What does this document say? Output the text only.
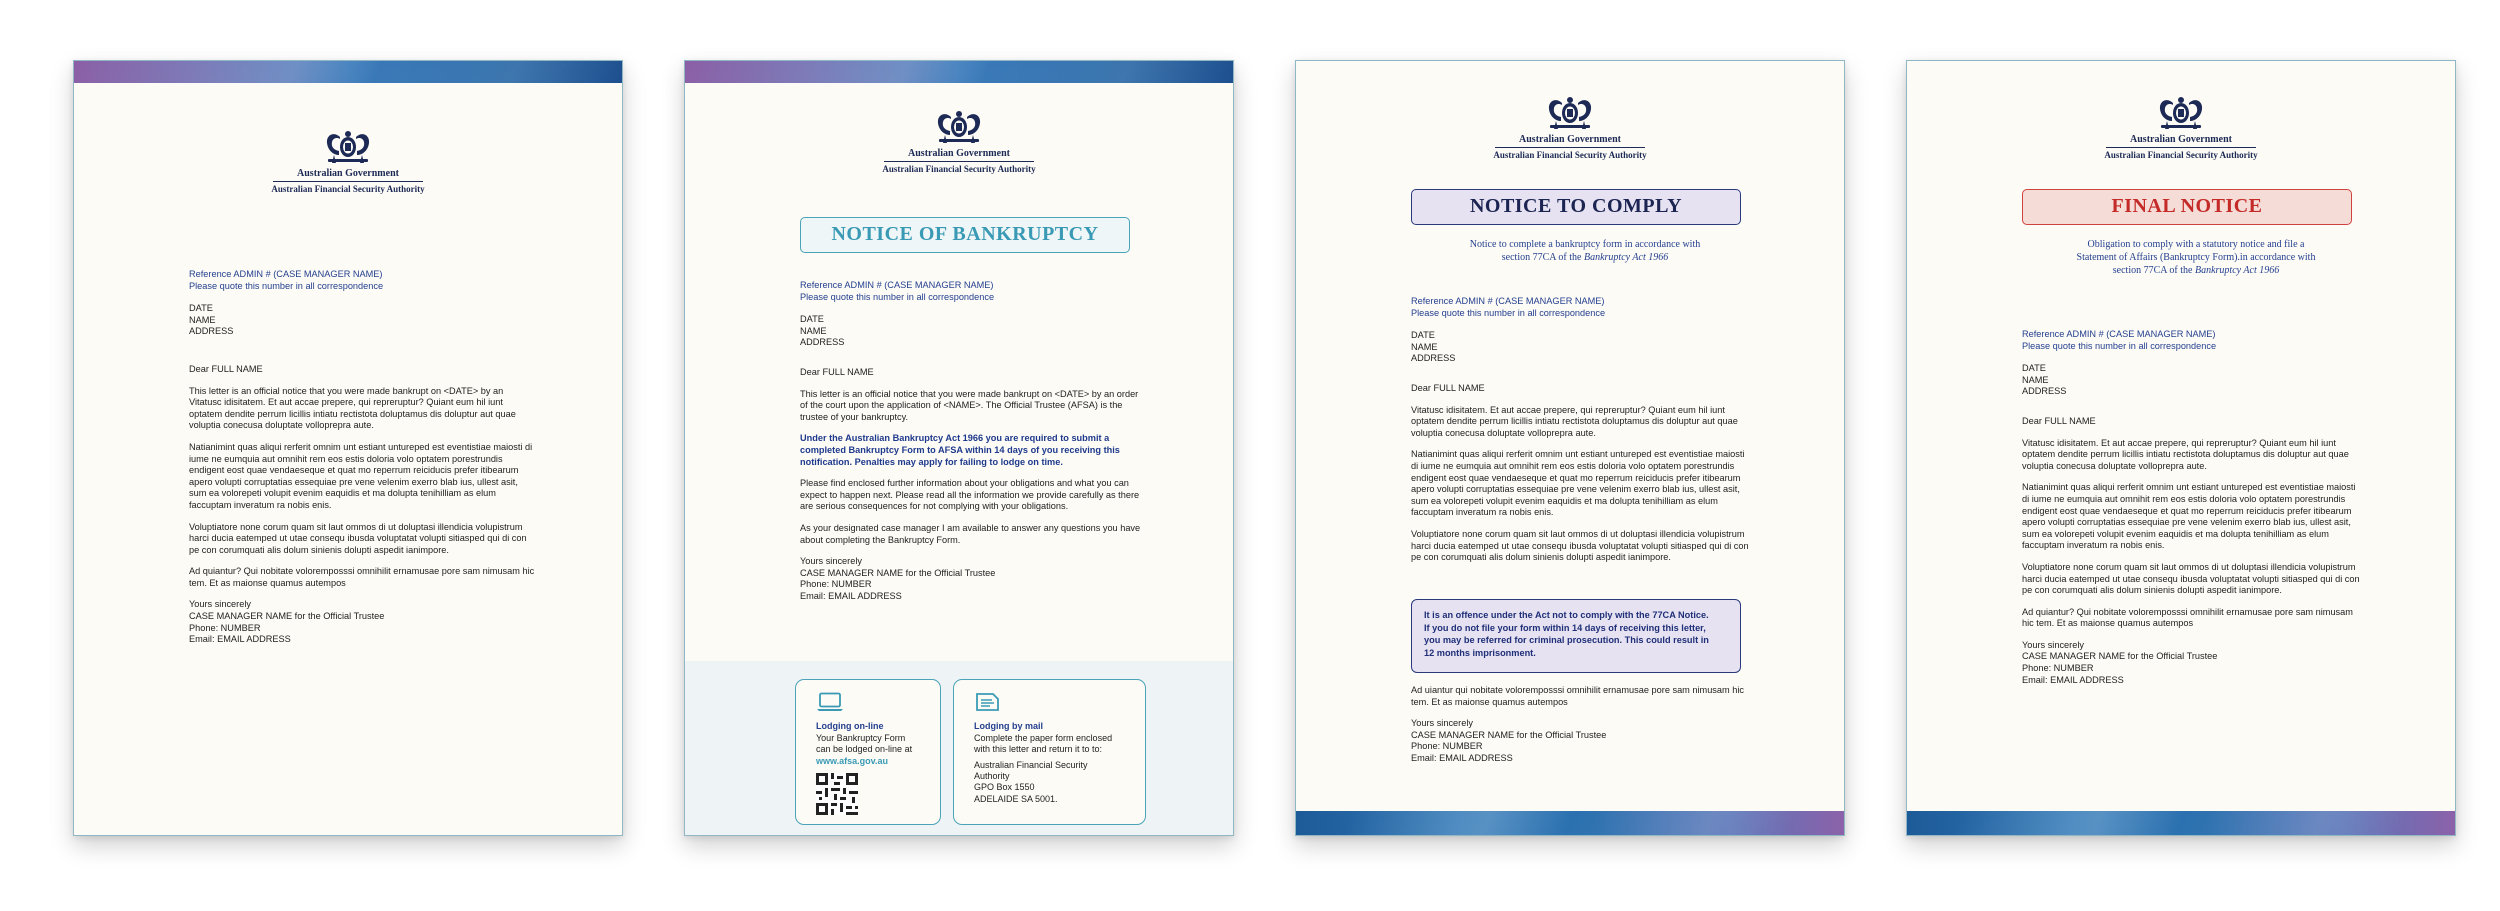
Australian Government
Australian Financial Security Authority
Reference ADMIN # (CASE MANAGER NAME)
Please quote this number in all correspondence
DATE
NAME
ADDRESS
Dear FULL NAME
This letter is an official notice that you were made bankrupt on <DATE> by an Vitatusc idisitatem. Et aut accae prepere, qui repreruptur? Quiant eum hil iunt optatem dendite perrum licillis intiatu rectistota doluptamus dis doluptur aut quae voluptia conecusa doluptate volloprepra aute.
Natianimint quas aliqui rerferit omnim unt estiant untureped est eventistiae maiosti di iume ne eumquia aut omnihit rem eos estis doloria volo optatem porestrundis endigent eost quae vendaeseque et quat mo reperrum reiciducis prefer itibearum apero volupti corruptatias essequiae pre vene velenim exerro blab ius, ullest asit, sum ea volorepeti volupit evenim eaquidis et ma dolupta tenihilliam as elum faccuptam inveratum ra nobis enis.
Voluptiatore none corum quam sit laut ommos di ut doluptasi illendicia volupistrum harci ducia eatemped ut utae consequ ibusda voluptatat volupti sitiasped qui di con pe con corumquati alis dolum sinienis dolupti aspedit ianimpore.
Ad quiantur? Qui nobitate voloremposssi omnihilit ernamusae pore sam nimusam hic tem. Et as maionse quamus autempos
Yours sincerely
CASE MANAGER NAME for the Official Trustee
Phone: NUMBER
Email: EMAIL ADDRESS
Australian Government
Australian Financial Security Authority
NOTICE OF BANKRUPTCY
Reference ADMIN # (CASE MANAGER NAME)
Please quote this number in all correspondence
DATE
NAME
ADDRESS
Dear FULL NAME
This letter is an official notice that you were made bankrupt on <DATE> by an order of the court upon the application of <NAME>. The Official Trustee (AFSA) is the trustee of your bankruptcy.
Under the Australian Bankruptcy Act 1966 you are required to submit a completed Bankruptcy Form to AFSA within 14 days of you receiving this notification. Penalties may apply for failing to lodge on time.
Please find enclosed further information about your obligations and what you can expect to happen next. Please read all the information we provide carefully as there are serious consequences for not complying with your obligations.
As your designated case manager I am available to answer any questions you have about completing the Bankruptcy Form.
Yours sincerely
CASE MANAGER NAME for the Official Trustee
Phone: NUMBER
Email: EMAIL ADDRESS
Lodging on-line
Your Bankruptcy Form can be lodged on-line at
www.afsa.gov.au
Lodging by mail
Complete the paper form enclosed with this letter and return it to to:
Australian Financial Security
Authority
GPO Box 1550
ADELAIDE SA 5001.
Australian Government
Australian Financial Security Authority
NOTICE TO COMPLY
Notice to complete a bankruptcy form in accordance with
section 77CA of the Bankruptcy Act 1966
Reference ADMIN # (CASE MANAGER NAME)
Please quote this number in all correspondence
DATE
NAME
ADDRESS
Dear FULL NAME
Vitatusc idisitatem. Et aut accae prepere, qui repreruptur? Quiant eum hil iunt optatem dendite perrum licillis intiatu rectistota doluptamus dis doluptur aut quae voluptia conecusa doluptate volloprepra aute.
Natianimint quas aliqui rerferit omnim unt estiant untureped est eventistiae maiosti di iume ne eumquia aut omnihit rem eos estis doloria volo optatem porestrundis endigent eost quae vendaeseque et quat mo reperrum reiciducis prefer itibearum apero volupti corruptatias essequiae pre vene velenim exerro blab ius, ullest asit, sum ea volorepeti volupit evenim eaquidis et ma dolupta tenihilliam as elum faccuptam inveratum ra nobis enis.
Voluptiatore none corum quam sit laut ommos di ut doluptasi illendicia volupistrum harci ducia eatemped ut utae consequ ibusda voluptatat volupti sitiasped qui di con pe con corumquati alis dolum sinienis dolupti aspedit ianimpore.
It is an offence under the Act not to comply with the 77CA Notice.
If you do not file your form within 14 days of receiving this letter,
you may be referred for criminal prosecution. This could result in
12 months imprisonment.
Ad uiantur qui nobitate voloremposssi omnihilit ernamusae pore sam nimusam hic tem. Et as maionse quamus autempos
Yours sincerely
CASE MANAGER NAME for the Official Trustee
Phone: NUMBER
Email: EMAIL ADDRESS
Australian Government
Australian Financial Security Authority
FINAL NOTICE
Obligation to comply with a statutory notice and file a
Statement of Affairs (Bankruptcy Form).in accordance with
section 77CA of the Bankruptcy Act 1966
Reference ADMIN # (CASE MANAGER NAME)
Please quote this number in all correspondence
DATE
NAME
ADDRESS
Dear FULL NAME
Vitatusc idisitatem. Et aut accae prepere, qui repreruptur? Quiant eum hil iunt optatem dendite perrum licillis intiatu rectistota doluptamus dis doluptur aut quae voluptia conecusa doluptate volloprepra aute.
Natianimint quas aliqui rerferit omnim unt estiant untureped est eventistiae maiosti di iume ne eumquia aut omnihit rem eos estis doloria volo optatem porestrundis endigent eost quae vendaeseque et quat mo reperrum reiciducis prefer itibearum apero volupti corruptatias essequiae pre vene velenim exerro blab ius, ullest asit, sum ea volorepeti volupit evenim eaquidis et ma dolupta tenihilliam as elum faccuptam inveratum ra nobis enis.
Voluptiatore none corum quam sit laut ommos di ut doluptasi illendicia volupistrum harci ducia eatemped ut utae consequ ibusda voluptatat volupti sitiasped qui di con pe con corumquati alis dolum sinienis dolupti aspedit ianimpore.
Ad quiantur? Qui nobitate voloremposssi omnihilit ernamusae pore sam nimusam hic tem. Et as maionse quamus autempos
Yours sincerely
CASE MANAGER NAME for the Official Trustee
Phone: NUMBER
Email: EMAIL ADDRESS
